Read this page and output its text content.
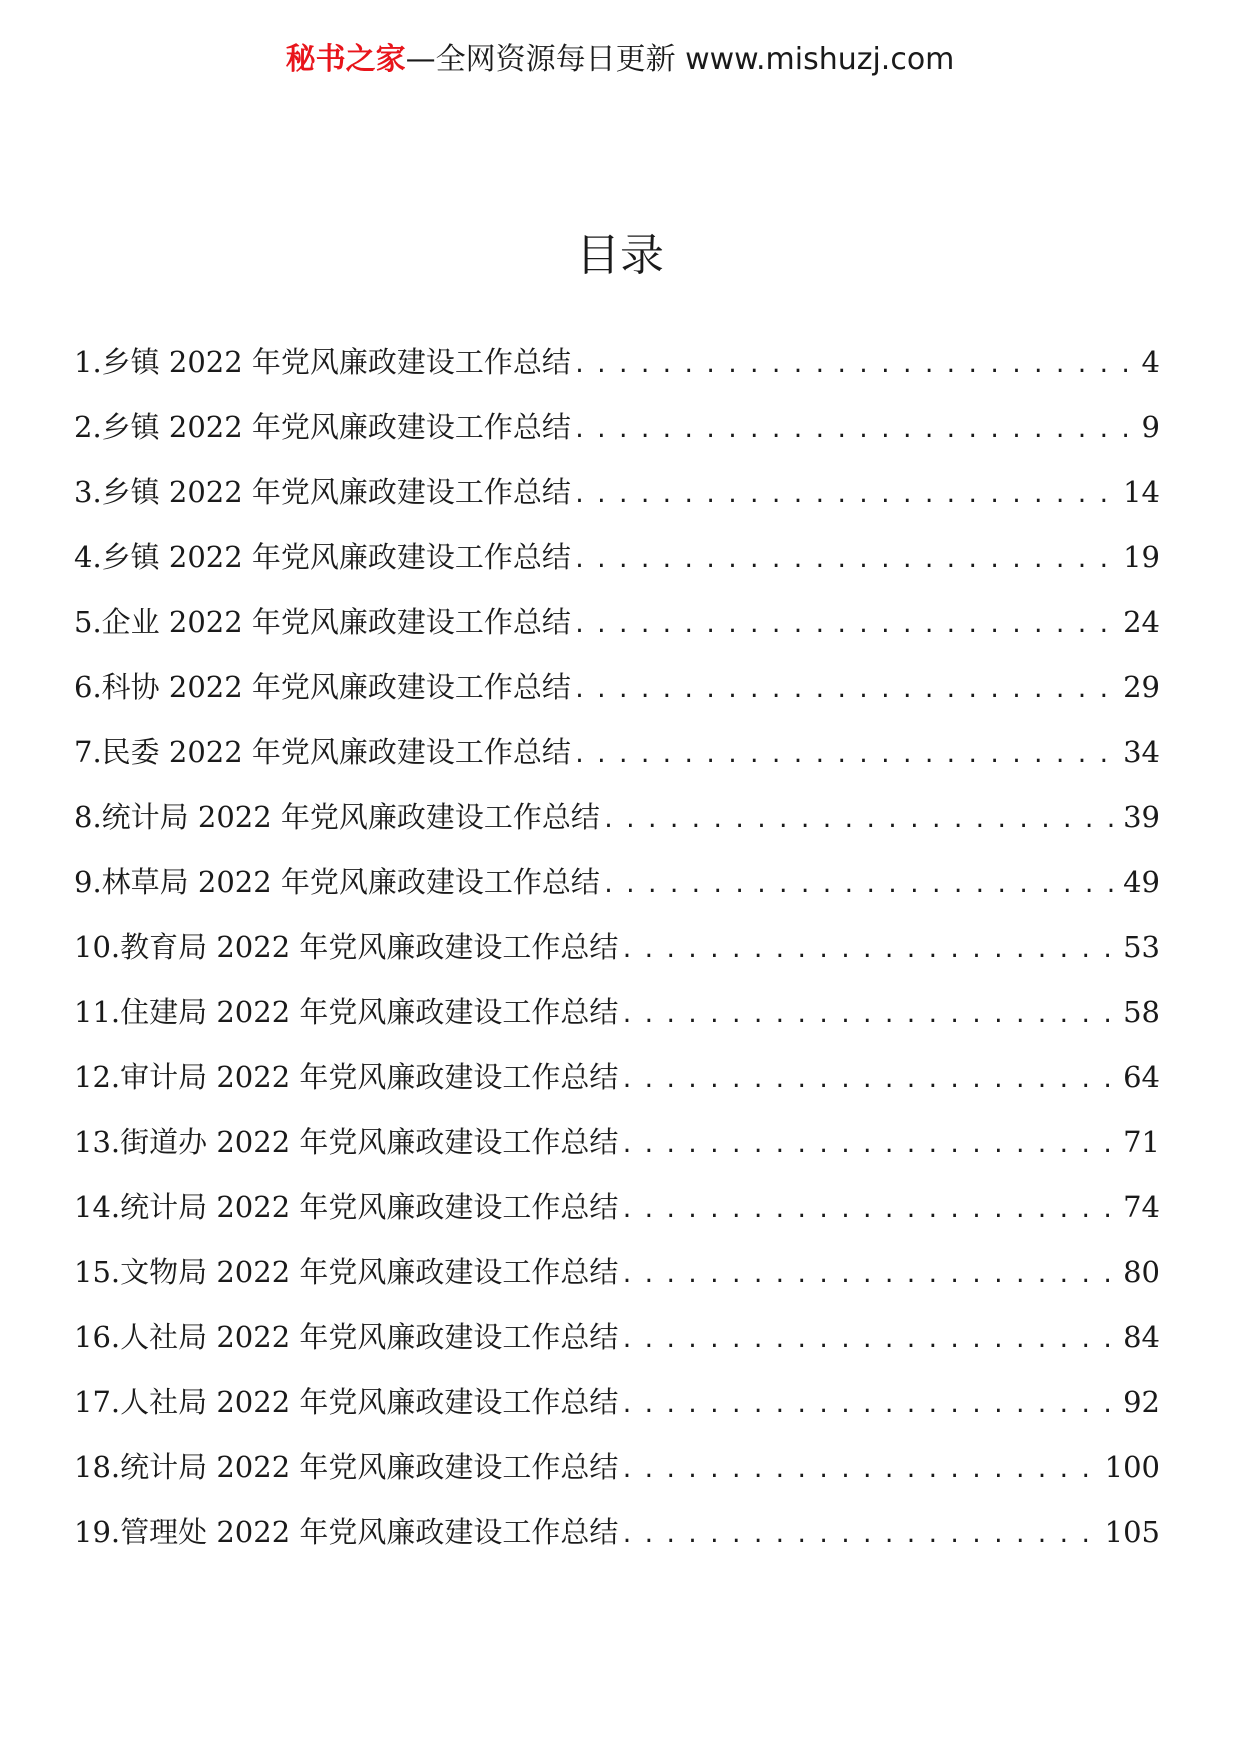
秘书之家—全网资源每日更新 www.mishuzj.com
目录
1.乡镇 2022 年党风廉政建设工作总结 .....	4
2.乡镇 2022 年党风廉政建设工作总结 .....	9
3.乡镇 2022 年党风廉政建设工作总结 .....	14
4.乡镇 2022 年党风廉政建设工作总结 .....	19
5.企业 2022 年党风廉政建设工作总结 .....	24
6.科协 2022 年党风廉政建设工作总结 .....	29
7.民委 2022 年党风廉政建设工作总结 .....	34
8.统计局 2022 年党风廉政建设工作总结 .....	39
9.林草局 2022 年党风廉政建设工作总结 .....	49
10.教育局 2022 年党风廉政建设工作总结 .....	53
11.住建局 2022 年党风廉政建设工作总结 .....	58
12.审计局 2022 年党风廉政建设工作总结 .....	64
13.街道办 2022 年党风廉政建设工作总结 .....	71
14.统计局 2022 年党风廉政建设工作总结 .....	74
15.文物局 2022 年党风廉政建设工作总结 .....	80
16.人社局 2022 年党风廉政建设工作总结 .....	84
17.人社局 2022 年党风廉政建设工作总结 .....	92
18.统计局 2022 年党风廉政建设工作总结 .....	100
19.管理处 2022 年党风廉政建设工作总结 .....	105
